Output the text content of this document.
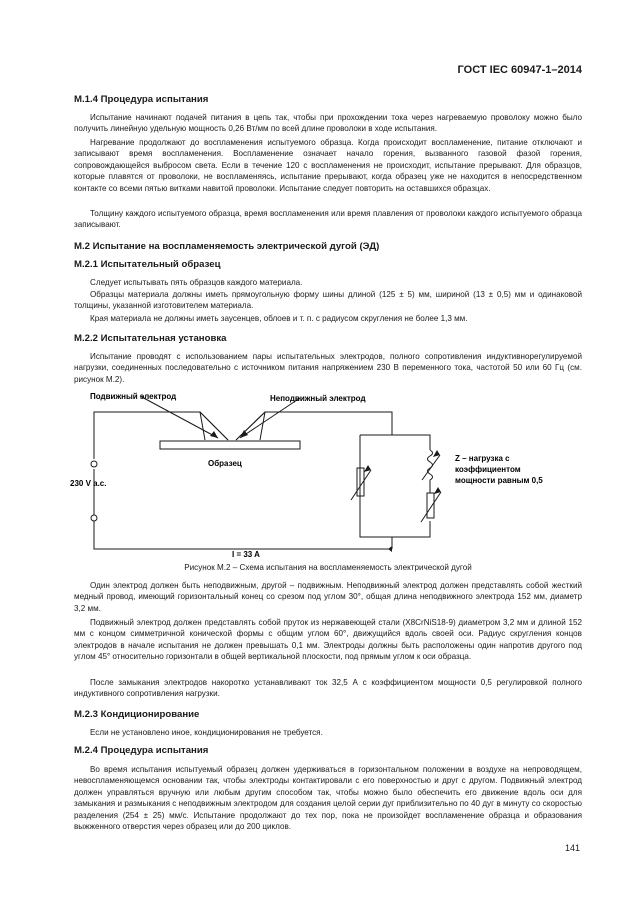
ГОСТ IEC 60947-1–2014
M.1.4 Процедура испытания

Испытание начинают подачей питания в цепь так, чтобы при прохождении тока через нагреваемую проволоку можно было получить линейную удельную мощность 0,26 Вт/мм по всей длине проволоки в ходе испытания.

Нагревание продолжают до воспламенения испытуемого образца. Когда происходит воспламенение, питание отключают и записывают время воспламенения. Воспламенение означает начало горения, вызванного газовой фазой горения, сопровождающейся выбросом света. Если в течение 120 с воспламенения не происходит, испытание прерывают. Для образцов, которые плавятся от проволоки, не воспламеняясь, испытание прерывают, когда образец уже не находится в непосредственном контакте со всеми пятью витками навитой проволоки. Испытание следует повторить на оставшихся образцах.

Толщину каждого испытуемого образца, время воспламенения или время плавления от проволоки каждого испытуемого образца записывают.

M.2 Испытание на воспламеняемость электрической дугой (ЭД)
M.2.1 Испытательный образец

Следует испытывать пять образцов каждого материала.

Образцы материала должны иметь прямоугольную форму шины длиной (125 ± 5) мм, шириной (13 ± 0,5) мм и одинаковой толщины, указанной изготовителем материала.

Края материала не должны иметь заусенцев, облоев и т. п. с радиусом скругления не более 1,3 мм.

M.2.2 Испытательная установка

Испытание проводят с использованием пары испытательных электродов, полного сопротивления индуктивнорегулируемой нагрузки, соединенных последовательно с источником питания напряжением 230 В переменного тока, частотой 50 или 60 Гц (см. рисунок M.2).

Подвижный электрод	Неподвижный электрод
Образец
230 V а.с.
Z – нагрузка с
коэффициентом
мощности равным 0,5
I = 33 A
Рисунок M.2 – Схема испытания на воспламеняемость электрической дугой

Один электрод должен быть неподвижным, другой – подвижным. Неподвижный электрод должен представлять собой жесткий медный провод, имеющий горизонтальный конец со срезом под углом 30°, общая длина неподвижного электрода 152 мм, диаметр 3,2 мм.

Подвижный электрод должен представлять собой пруток из нержавеющей стали (X8CrNiS18-9) диаметром 3,2 мм и длиной 152 мм с концом симметричной конической формы с общим углом 60°, движущийся вдоль своей оси. Радиус скругления концов электродов в начале испытания не должен превышать 0,1 мм. Электроды должны быть расположены один напротив другого под углом 45° относительно горизонтали в общей вертикальной плоскости, под прямым углом к оси образца.

После замыкания электродов накоротко устанавливают ток 32,5 А с коэффициентом мощности 0,5 регулировкой полного индуктивного сопротивления нагрузки.

M.2.3 Кондиционирование

Если не установлено иное, кондиционирования не требуется.

M.2.4 Процедура испытания

Во время испытания испытуемый образец должен удерживаться в горизонтальном положении в воздухе на непроводящем, невоспламеняющемся основании так, чтобы электроды контактировали с его поверхностью и друг с другом. Подвижный электрод должен управляться вручную или любым другим способом так, чтобы можно было обеспечить его движение вдоль оси для замыкания и размыкания с неподвижным электродом для создания целой серии дуг приблизительно по 40 дуг в минуту со скоростью разделения (254 ± 25) мм/с. Испытание продолжают до тех пор, пока не произойдет воспламенение образца и образования выжженного отверстия через образец или до 200 циклов.

141
